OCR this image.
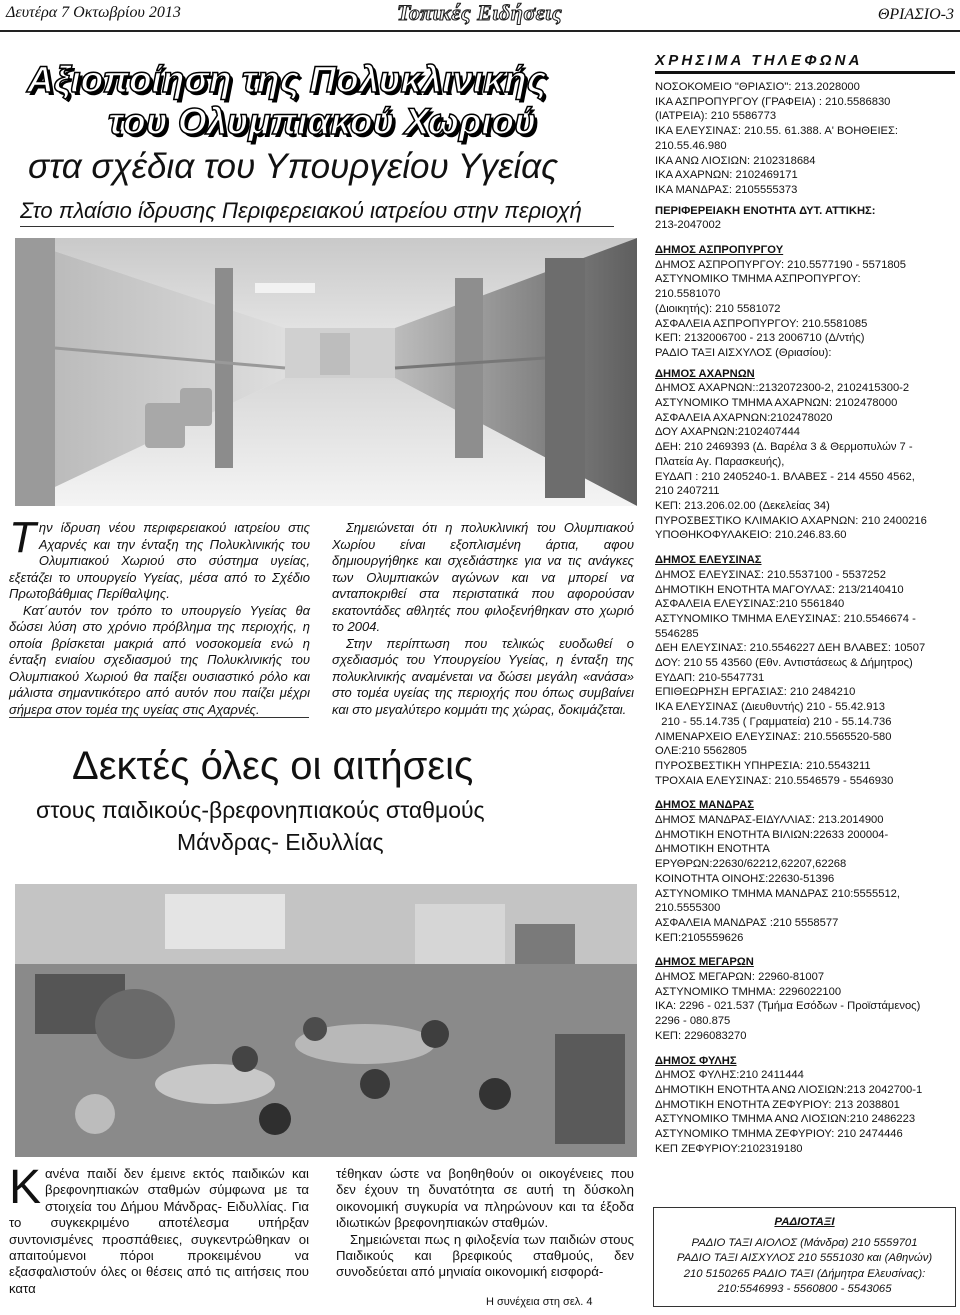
Δευτέρα 7 Οκτωβρίου 2013	Τοπικές Ειδήσεις	ΘΡΙΑΣΙΟ-3
Αξιοποίηση της Πολυκλινικής
του Ολυμπιακού Χωριού
στα σχέδια του Υπουργείου Υγείας
Στο πλαίσιο ίδρυσης Περιφερειακού ιατρείου στην περιοχή

Την ίδρυση νέου περιφερειακού ιατρείου στις Αχαρνές και την ένταξη της Πολυκλινικής του Ολυμπιακού Χωριού στο σύστημα υγείας, εξετάζει το υπουργείο Υγείας, μέσα από το Σχέδιο Πρωτοβάθμιας Περίθαλψης.

Κατ΄αυτόν τον τρόπο το υπουργείο Υγείας θα δώσει λύση στο χρόνιο πρόβλημα της περιοχής, η οποία βρίσκεται μακριά από νοσοκομεία ενώ η ένταξη ενιαίου σχεδιασμού της Πολυκλινικής του Ολυμπιακού Χωριού θα παίξει ουσιαστικό ρόλο και μάλιστα σημαντικότερο από αυτόν που παίζει μέχρι σήμερα στον τομέα της υγείας στις Αχαρνές.

Σημειώνεται ότι η πολυκλινική του Ολυμπιακού Χωρίου είναι εξοπλισμένη άρτια, αφου δημιουργήθηκε και σχεδιάστηκε για να τις ανάγκες των Ολυμπιακών αγώνων και να μπορεί να ανταποκριθεί στα περιστατικά που αφορούσαν εκατοντάδες αθλητές που φιλοξενήθηκαν στο χωριό το 2004.

Στην περίπτωση που τελικώς ευοδωθεί ο σχεδιασμός του Υπουργείου Υγείας, η ένταξη της πολυκλινικής αναμένεται να δώσει μεγάλη «ανάσα» στο τομέα υγείας της περιοχής που όπως συμβαίνει και στο μεγαλύτερο κομμάτι της χώρας, δοκιμάζεται.

Δεκτές όλες οι αιτήσεις
στους παιδικούς-βρεφονηπιακούς σταθμούς
Μάνδρας- Ειδυλλίας
Κανένα παιδί δεν έμεινε εκτός παιδικών και βρεφονηπιακών σταθμών σύμφωνα με τα στοιχεία του Δήμου Μάνδρας- Ειδυλλίας. Για το συγκεκριμένο αποτέλεσμα υπήρξαν συντονισμένες προσπάθειες, συγκεντρώθηκαν οι απαιτούμενοι πόροι προκειμένου να εξασφαλιστούν όλες οι θέσεις από τις αιτήσεις που κατα
τέθηκαν ώστε να βοηθηθούν οι οικογένειες που δεν έχουν τη δυνατότητα σε αυτή τη δύσκολη οικονομική συγκυρία να πληρώνουν και τα έξοδα ιδιωτικών βρεφονηπιακών σταθμών.
Σημειώνεται πως η φιλοξενία των παιδιών στους Παιδικούς και βρεφικούς σταθμούς, δεν συνοδεύεται από μηνιαία οικονομική εισφορά-
Η συνέχεια στη σελ. 4
ΧΡΗΣΙΜΑ ΤΗΛΕΦΩΝΑ
ΝΟΣΟΚΟΜΕΙΟ "ΘΡΙΑΣΙΟ": 213.2028000
ΙΚΑ ΑΣΠΡΟΠΥΡΓΟΥ (ΓΡΑΦΕΙΑ) : 210.5586830
(ΙΑΤΡΕΙΑ): 210 5586773
ΙΚΑ ΕΛΕΥΣΙΝΑΣ: 210.55. 61.388. Α' ΒΟΗΘΕΙΕΣ:
210.55.46.980
ΙΚΑ ΑΝΩ ΛΙΟΣΙΩΝ: 2102318684
ΙΚΑ ΑΧΑΡΝΩΝ: 2102469171
ΙΚΑ ΜΑΝΔΡΑΣ: 2105555373
ΠΕΡΙΦΕΡΕΙΑΚΗ ΕΝΟΤΗΤΑ ΔΥΤ. ΑΤΤΙΚΗΣ:
213-2047002
ΔΗΜΟΣ ΑΣΠΡΟΠΥΡΓΟΥ
ΔΗΜΟΣ ΑΣΠΡΟΠΥΡΓΟΥ: 210.5577190 - 5571805
ΑΣΤΥΝΟΜΙΚΟ ΤΜΗΜΑ ΑΣΠΡΟΠΥΡΓΟΥ:
210.5581070
(Διοικητής): 210 5581072
ΑΣΦΑΛΕΙΑ ΑΣΠΡΟΠΥΡΓΟΥ: 210.5581085
ΚΕΠ: 2132006700 - 213 2006710 (Δ/ντής)
ΡΑΔΙΟ ΤΑΞΙ ΑΙΣΧΥΛΟΣ (Θριασίου):
ΔΗΜΟΣ ΑΧΑΡΝΩΝ
ΔΗΜΟΣ ΑΧΑΡΝΩΝ::2132072300-2, 2102415300-2
ΑΣΤΥΝΟΜΙΚΟ ΤΜΗΜΑ ΑΧΑΡΝΩΝ: 2102478000
ΑΣΦΑΛΕΙΑ ΑΧΑΡΝΩΝ:2102478020
ΔΟΥ ΑΧΑΡΝΩΝ:2102407444
ΔΕΗ: 210 2469393 (Δ. Βαρέλα 3 & Θερμοπυλών 7 -
Πλατεία Αγ. Παρασκευής),
ΕΥΔΑΠ : 210 2405240-1. ΒΛΑΒΕΣ - 214 4550 4562,
210 2407211
ΚΕΠ: 213.206.02.00 (Δεκελείας 34)
ΠΥΡΟΣΒΕΣΤΙΚΟ ΚΛΙΜΑΚΙΟ ΑΧΑΡΝΩΝ: 210 2400216
ΥΠΟΘΗΚΟΦΥΛΑΚΕΙΟ: 210.246.83.60
ΔΗΜΟΣ ΕΛΕΥΣΙΝΑΣ
ΔΗΜΟΣ ΕΛΕΥΣΙΝΑΣ: 210.5537100 - 5537252
ΔΗΜΟΤΙΚΗ ΕΝΟΤΗΤΑ ΜΑΓΟΥΛΑΣ: 213/2140410
ΑΣΦΑΛΕΙΑ ΕΛΕΥΣΙΝΑΣ:210 5561840
ΑΣΤΥΝΟΜΙΚΟ ΤΜΗΜΑ ΕΛΕΥΣΙΝΑΣ: 210.5546674 -
5546285
ΔΕΗ ΕΛΕΥΣΙΝΑΣ: 210.5546227 ΔΕΗ ΒΛΑΒΕΣ: 10507
ΔΟΥ: 210 55 43560 (Εθν. Αντιστάσεως & Δήμητρος)
ΕΥΔΑΠ: 210-5547731
ΕΠΙΘΕΩΡΗΣΗ ΕΡΓΑΣΙΑΣ: 210 2484210
ΙΚΑ ΕΛΕΥΣΙΝΑΣ (Διευθυντής) 210 - 55.42.913
210 - 55.14.735 ( Γραμματεία) 210 - 55.14.736
ΛΙΜΕΝΑΡΧΕΙΟ ΕΛΕΥΣΙΝΑΣ: 210.5565520-580
ΟΛΕ:210 5562805
ΠΥΡΟΣΒΕΣΤΙΚΗ ΥΠΗΡΕΣΙΑ: 210.5543211
ΤΡΟΧΑΙΑ ΕΛΕΥΣΙΝΑΣ: 210.5546579 - 5546930
ΔΗΜΟΣ ΜΑΝΔΡΑΣ
ΔΗΜΟΣ ΜΑΝΔΡΑΣ-ΕΙΔΥΛΛΙΑΣ: 213.2014900
ΔΗΜΟΤΙΚΗ ΕΝΟΤΗΤΑ ΒΙΛΙΩΝ:22633 200004-
ΔΗΜΟΤΙΚΗ ΕΝΟΤΗΤΑ
ΕΡΥΘΡΩΝ:22630/62212,62207,62268
ΚΟΙΝΟΤΗΤΑ ΟΙΝΟΗΣ:22630-51396
ΑΣΤΥΝΟΜΙΚΟ ΤΜΗΜΑ ΜΑΝΔΡΑΣ 210:5555512,
210.5555300
ΑΣΦΑΛΕΙΑ ΜΑΝΔΡΑΣ :210 5558577
ΚΕΠ:2105559626
ΔΗΜΟΣ ΜΕΓΑΡΩΝ
ΔΗΜΟΣ ΜΕΓΑΡΩΝ: 22960-81007
ΑΣΤΥΝΟΜΙΚΟ ΤΜΗΜΑ: 2296022100
ΙΚΑ: 2296 - 021.537 (Τμήμα Εσόδων - Προϊστάμενος)
2296 - 080.875
ΚΕΠ: 2296083270
ΔΗΜΟΣ ΦΥΛΗΣ
ΔΗΜΟΣ ΦΥΛΗΣ:210 2411444
ΔΗΜΟΤΙΚΗ ΕΝΟΤΗΤΑ ΑΝΩ ΛΙΟΣΙΩΝ:213 2042700-1
ΔΗΜΟΤΙΚΗ ΕΝΟΤΗΤΑ ΖΕΦΥΡΙΟΥ: 213 2038801
ΑΣΤΥΝΟΜΙΚΟ ΤΜΗΜΑ ΑΝΩ ΛΙΟΣΙΩΝ:210 2486223
ΑΣΤΥΝΟΜΙΚΟ ΤΜΗΜΑ ΖΕΦΥΡΙΟΥ: 210 2474446
ΚΕΠ ΖΕΦΥΡΙΟΥ:2102319180
ΡΑΔΙΟΤΑΞΙ
ΡΑΔΙΟ ΤΑΞΙ ΑΙΟΛΟΣ (Μάνδρα) 210 5559701
ΡΑΔΙΟ ΤΑΞΙ ΑΙΣΧΥΛΟΣ 210 5551030 και (Αθηνών)
210 5150265 ΡΑΔΙΟ ΤΑΞΙ (Δήμητρα Ελευσίνας):
210:5546993 - 5560800 - 5543065
